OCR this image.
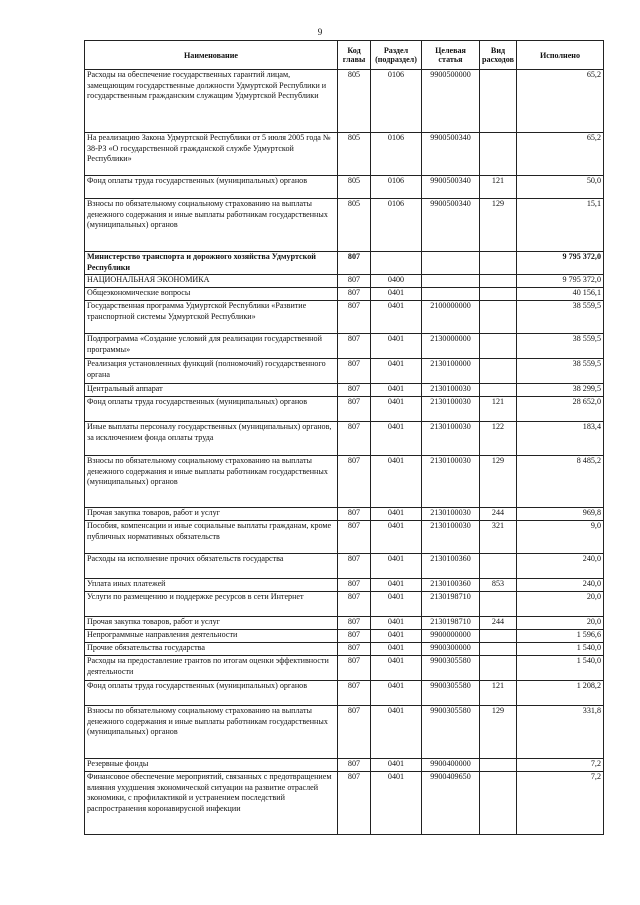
9
Наименование	Код главы	Раздел (подраздел)	Целевая статья	Вид расходов	Исполнено
Расходы на обеспечение государственных гарантий лицам, замещающим государственные должности Удмуртской Республики и государственным гражданским служащим Удмуртской Республики	805	0106	9900500000		65,2
На реализацию Закона Удмуртской Республики от 5 июля 2005 года № 38-РЗ «О государственной гражданской службе Удмуртской Республики»	805	0106	9900500340		65,2
Фонд оплаты труда государственных (муниципальных) органов	805	0106	9900500340	121	50,0
Взносы по обязательному социальному страхованию на выплаты денежного содержания и иные выплаты работникам государственных (муниципальных) органов	805	0106	9900500340	129	15,1
Министерство транспорта и дорожного хозяйства Удмуртской Республики	807				9 795 372,0
НАЦИОНАЛЬНАЯ ЭКОНОМИКА	807	0400			9 795 372,0
Общеэкономические вопросы	807	0401			40 156,1
Государственная программа Удмуртской Республики «Развитие транспортной системы Удмуртской Республики»	807	0401	2100000000		38 559,5
Подпрограмма «Создание условий для реализации государственной программы»	807	0401	2130000000		38 559,5
Реализация установленных функций (полномочий) государственного органа	807	0401	2130100000		38 559,5
Центральный аппарат	807	0401	2130100030		38 299,5
Фонд оплаты труда государственных (муниципальных) органов	807	0401	2130100030	121	28 652,0
Иные выплаты персоналу государственных (муниципальных) органов, за исключением фонда оплаты труда	807	0401	2130100030	122	183,4
Взносы по обязательному социальному страхованию на выплаты денежного содержания и иные выплаты работникам государственных (муниципальных) органов	807	0401	2130100030	129	8 485,2
Прочая закупка товаров, работ и услуг	807	0401	2130100030	244	969,8
Пособия, компенсации и иные социальные выплаты гражданам, кроме публичных нормативных обязательств	807	0401	2130100030	321	9,0
Расходы на исполнение прочих обязательств государства	807	0401	2130100360		240,0
Уплата иных платежей	807	0401	2130100360	853	240,0
Услуги по размещению и поддержке ресурсов в сети Интернет	807	0401	2130198710		20,0
Прочая закупка товаров, работ и услуг	807	0401	2130198710	244	20,0
Непрограммные направления деятельности	807	0401	9900000000		1 596,6
Прочие обязательства государства	807	0401	9900300000		1 540,0
Расходы на предоставление грантов по итогам оценки эффективности деятельности	807	0401	9900305580		1 540,0
Фонд оплаты труда государственных (муниципальных) органов	807	0401	9900305580	121	1 208,2
Взносы по обязательному социальному страхованию на выплаты денежного содержания и иные выплаты работникам государственных (муниципальных) органов	807	0401	9900305580	129	331,8
Резервные фонды	807	0401	9900400000		7,2
Финансовое обеспечение мероприятий, связанных с предотвращением влияния ухудшения экономической ситуации на развитие отраслей экономики, с профилактикой и устранением последствий распространения коронавирусной инфекции	807	0401	9900409650		7,2
